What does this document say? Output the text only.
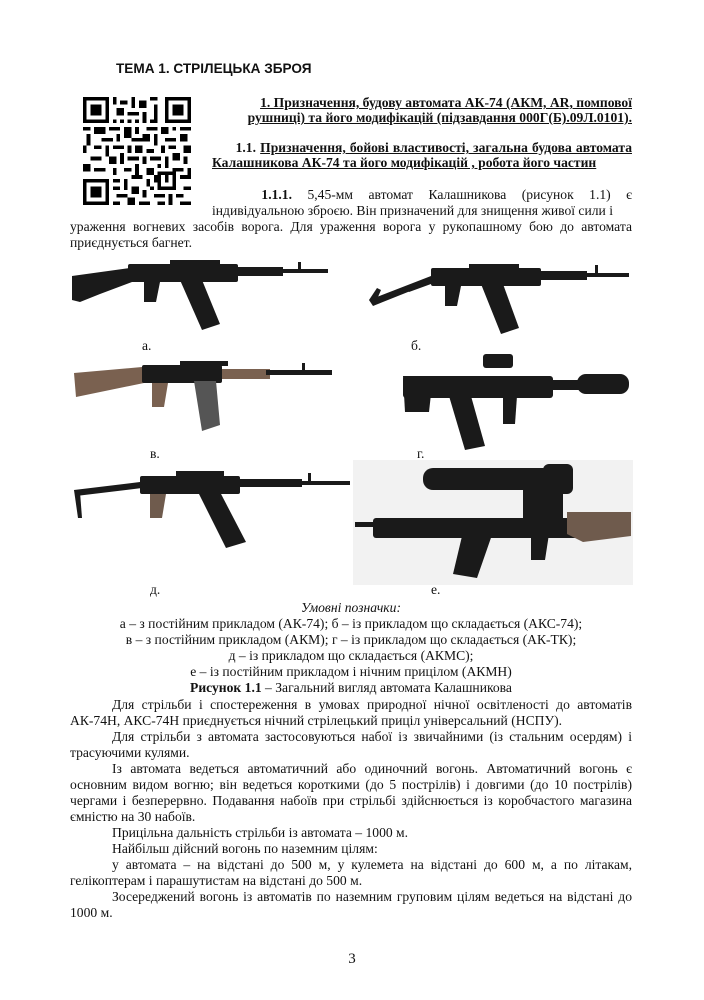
ТЕМА 1. СТРІЛЕЦЬКА ЗБРОЯ
1. Призначення, будову автомата АК-74 (АКМ, АR, помпової рушниці) та його модифікацій (підзавдання 000Г(Б).09Л.0101).
1.1. Призначення, бойові властивості, загальна будова автомата Калашникова АК-74 та його модифікацій , робота його частин
1.1.1. 5,45-мм автомат Калашникова (рисунок 1.1) є індивідуальною зброєю. Він призначений для знищення живої сили і
ураження вогневих засобів ворога. Для ураження ворога у рукопашному бою до автомата приєднується багнет.
а.	б.
в.	г.
д.	е.
Умовні позначки:
а – з постійним прикладом (АК-74); б – із прикладом що складається (АКС-74);
в – з постійним прикладом (АКМ); г – із прикладом що складається (АК-ТК);
д – із прикладом що складається (АКМС);
е – із постійним прикладом і нічним прицілом (АКМН)
Рисунок 1.1 – Загальний вигляд автомата Калашникова
Для стрільби і спостереження в умовах природної нічної освітленості до автоматів АК-74Н, АКС-74Н приєднується нічний стрілецький приціл універсальний (НСПУ).
Для стрільби з автомата застосовуються набої із звичайними (із стальним осердям) і трасуючими кулями.
Із автомата ведеться автоматичний або одиночний вогонь. Автоматичний вогонь є основним видом вогню; він ведеться короткими (до 5 пострілів) і довгими (до 10 пострілів) чергами і безперервно. Подавання набоїв при стрільбі здійснюється із коробчастого магазина ємністю на 30 набоїв.
Прицільна дальність стрільби із автомата – 1000 м.
Найбільш дійсний вогонь по наземним цілям:
у автомата – на відстані до 500 м, у кулемета на відстані до 600 м, а по літакам, гелікоптерам і парашутистам на відстані до 500 м.
Зосереджений вогонь із автоматів по наземним груповим цілям ведеться на відстані до 1000 м.
3
